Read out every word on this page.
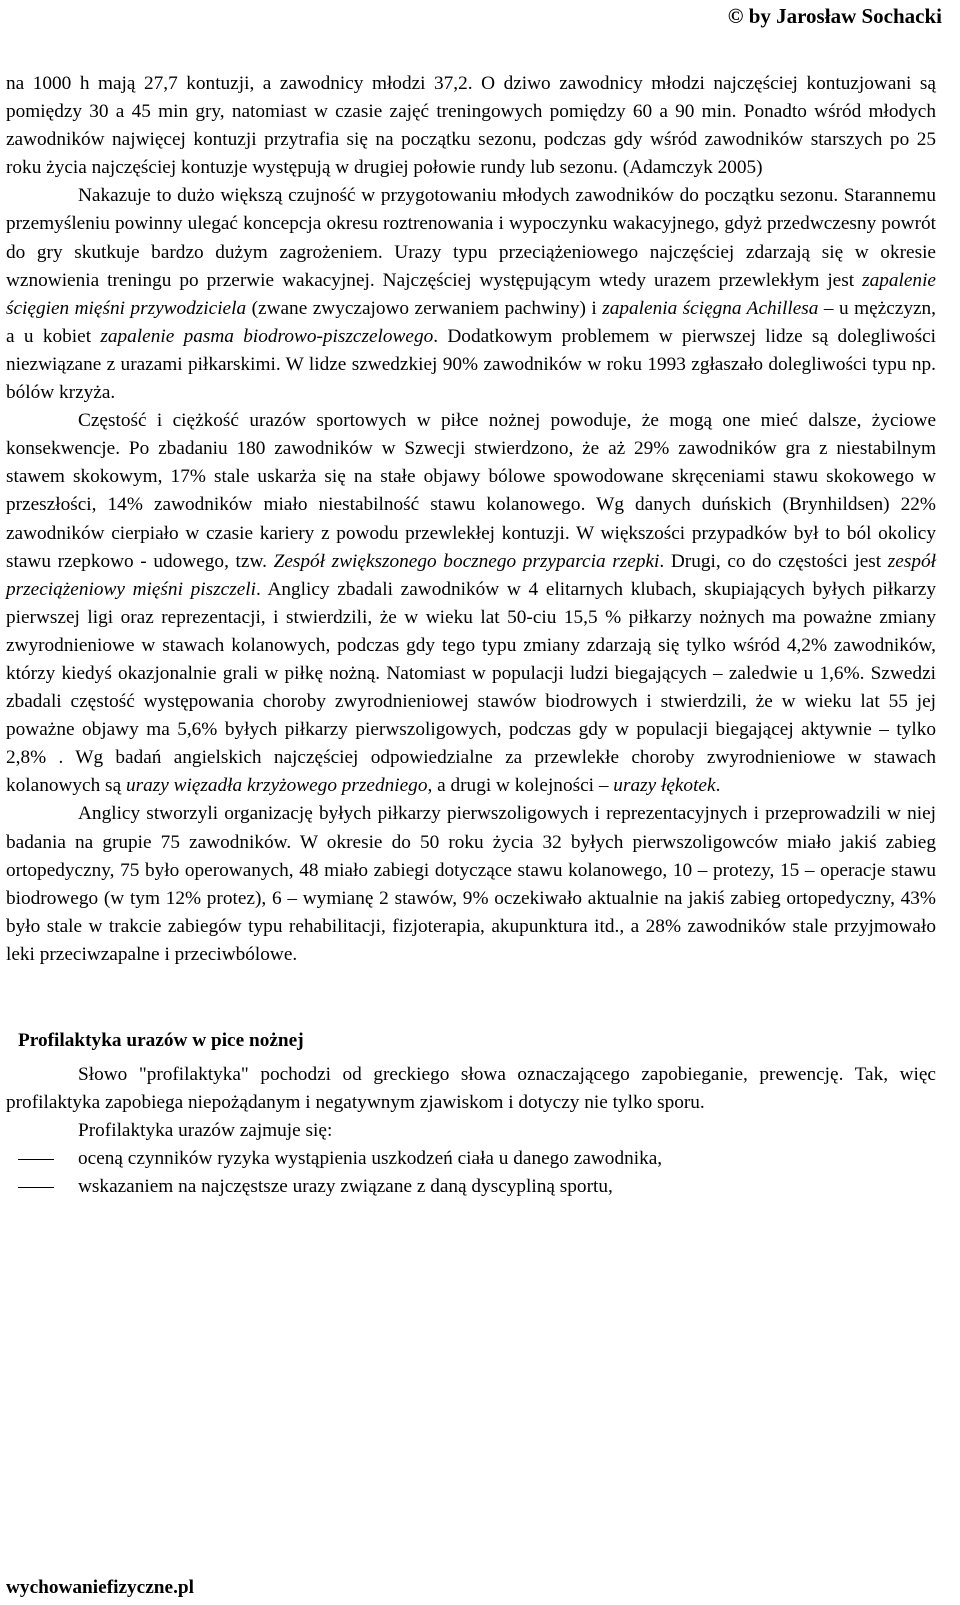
© by Jarosław Sochacki

na 1000 h mają 27,7 kontuzji, a zawodnicy młodzi 37,2. O dziwo zawodnicy młodzi najczęściej kontuzjowani są pomiędzy 30 a 45 min gry, natomiast w czasie zajęć treningowych pomiędzy 60 a 90 min. Ponadto wśród młodych zawodników najwięcej kontuzji przytrafia się na początku sezonu, podczas gdy wśród zawodników starszych po 25 roku życia najczęściej kontuzje występują w drugiej połowie rundy lub sezonu. (Adamczyk 2005)

Nakazuje to dużo większą czujność w przygotowaniu młodych zawodników do początku sezonu. Starannemu przemyśleniu powinny ulegać koncepcja okresu roztrenowania i wypoczynku wakacyjnego, gdyż przedwczesny powrót do gry skutkuje bardzo dużym zagrożeniem. Urazy typu przeciążeniowego najczęściej zdarzają się w okresie wznowienia treningu po przerwie wakacyjnej. Najczęściej występującym wtedy urazem przewlekłym jest zapalenie ścięgien mięśni przywodziciela (zwane zwyczajowo zerwaniem pachwiny) i zapalenia ścięgna Achillesa – u mężczyzn, a u kobiet zapalenie pasma biodrowo-piszczelowego. Dodatkowym problemem w pierwszej lidze są dolegliwości niezwiązane z urazami piłkarskimi. W lidze szwedzkiej 90% zawodników w roku 1993 zgłaszało dolegliwości typu np. bólów krzyża.

Częstość i ciężkość urazów sportowych w piłce nożnej powoduje, że mogą one mieć dalsze, życiowe konsekwencje. Po zbadaniu 180 zawodników w Szwecji stwierdzono, że aż 29% zawodników gra z niestabilnym stawem skokowym, 17% stale uskarża się na stałe objawy bólowe spowodowane skręceniami stawu skokowego w przeszłości, 14% zawodników miało niestabilność stawu kolanowego. Wg danych duńskich (Brynhildsen) 22% zawodników cierpiało w czasie kariery z powodu przewlekłej kontuzji. W większości przypadków był to ból okolicy stawu rzepkowo - udowego, tzw. Zespół zwiększonego bocznego przyparcia rzepki. Drugi, co do częstości jest zespół przeciążeniowy mięśni piszczeli. Anglicy zbadali zawodników w 4 elitarnych klubach, skupiających byłych piłkarzy pierwszej ligi oraz reprezentacji, i stwierdzili, że w wieku lat 50-ciu 15,5 % piłkarzy nożnych ma poważne zmiany zwyrodnieniowe w stawach kolanowych, podczas gdy tego typu zmiany zdarzają się tylko wśród 4,2% zawodników, którzy kiedyś okazjonalnie grali w piłkę nożną. Natomiast w populacji ludzi biegających – zaledwie u 1,6%. Szwedzi zbadali częstość występowania choroby zwyrodnieniowej stawów biodrowych i stwierdzili, że w wieku lat 55 jej poważne objawy ma 5,6% byłych piłkarzy pierwszoligowych, podczas gdy w populacji biegającej aktywnie – tylko 2,8% . Wg badań angielskich najczęściej odpowiedzialne za przewlekłe choroby zwyrodnieniowe w stawach kolanowych są urazy więzadła krzyżowego przedniego, a drugi w kolejności – urazy łękotek.

Anglicy stworzyli organizację byłych piłkarzy pierwszoligowych i reprezentacyjnych i przeprowadzili w niej badania na grupie 75 zawodników. W okresie do 50 roku życia 32 byłych pierwszoligowców miało jakiś zabieg ortopedyczny, 75 było operowanych, 48 miało zabiegi dotyczące stawu kolanowego, 10 – protezy, 15 – operacje stawu biodrowego (w tym 12% protez), 6 – wymianę 2 stawów, 9% oczekiwało aktualnie na jakiś zabieg ortopedyczny, 43% było stale w trakcie zabiegów typu rehabilitacji, fizjoterapia, akupunktura itd., a 28% zawodników stale przyjmowało leki przeciwzapalne i przeciwbólowe.

Profilaktyka urazów w pice nożnej

Słowo "profilaktyka" pochodzi od greckiego słowa oznaczającego zapobieganie, prewencję. Tak, więc profilaktyka zapobiega niepożądanym i negatywnym zjawiskom i dotyczy nie tylko sporu.

Profilaktyka urazów zajmuje się:

oceną czynników ryzyka wystąpienia uszkodzeń ciała u danego zawodnika,
wskazaniem na najczęstsze urazy związane z daną dyscypliną sportu,
wychowaniefizyczne.pl
